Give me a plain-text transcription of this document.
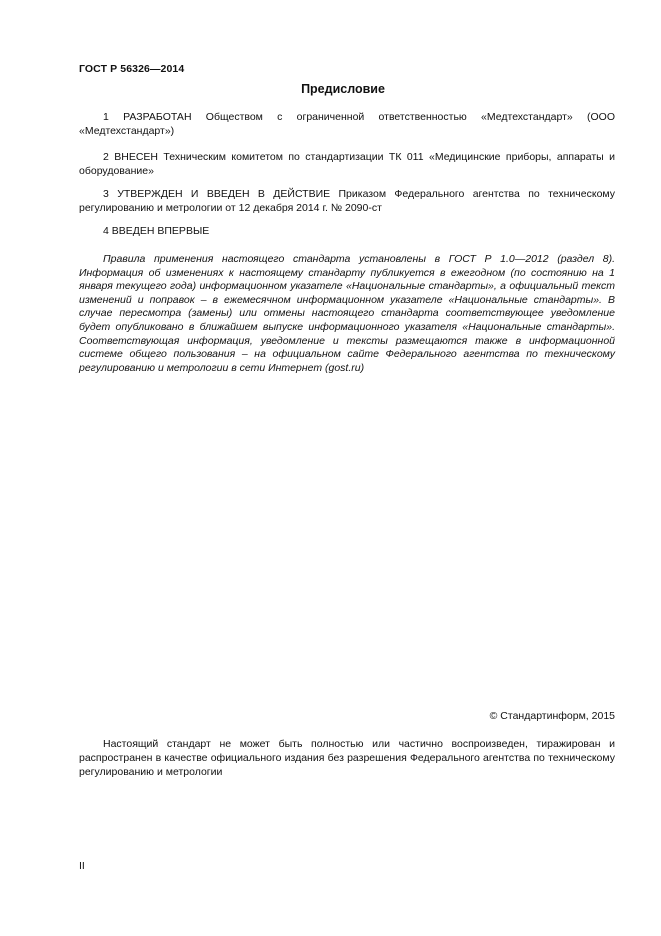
ГОСТ Р 56326—2014
Предисловие

1 РАЗРАБОТАН Обществом с ограниченной ответственностью «Медтехстандарт» (ООО «Медтехстандарт»)

2 ВНЕСЕН Техническим комитетом по стандартизации ТК 011 «Медицинские приборы, аппараты и оборудование»

3 УТВЕРЖДЕН И ВВЕДЕН В ДЕЙСТВИЕ Приказом Федерального агентства по техническому регулированию и метрологии от 12 декабря 2014 г. № 2090-ст

4 ВВЕДЕН ВПЕРВЫЕ

Правила применения настоящего стандарта установлены в ГОСТ Р 1.0—2012 (раздел 8). Информация об изменениях к настоящему стандарту публикуется в ежегодном (по состоянию на 1 января текущего года) информационном указателе «Национальные стандарты», а официальный текст изменений и поправок – в ежемесячном информационном указателе «Национальные стандарты». В случае пересмотра (замены) или отмены настоящего стандарта соответствующее уведомление будет опубликовано в ближайшем выпуске информационного указателя «Национальные стандарты». Соответствующая информация, уведомление и тексты размещаются также в информационной системе общего пользования – на официальном сайте Федерального агентства по техническому регулированию и метрологии в сети Интернет (gost.ru)

© Стандартинформ, 2015

Настоящий стандарт не может быть полностью или частично воспроизведен, тиражирован и распространен в качестве официального издания без разрешения Федерального агентства по техническому регулированию и метрологии

II
